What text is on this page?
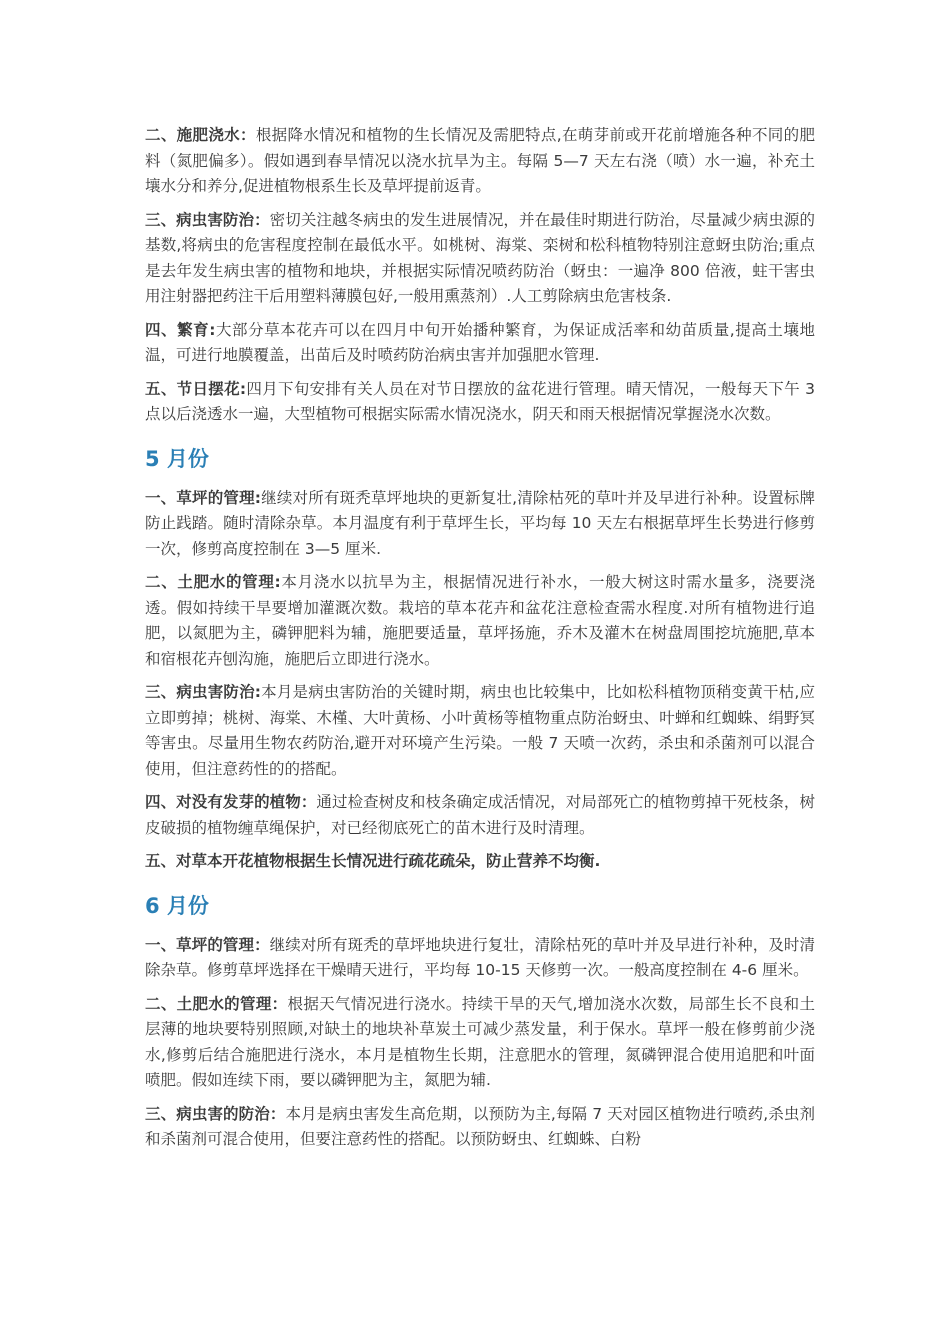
二、施肥浇水：根据降水情况和植物的生长情况及需肥特点,在萌芽前或开花前增施各种不同的肥料（氮肥偏多）。假如遇到春旱情况以浇水抗旱为主。每隔 5—7 天左右浇（喷）水一遍，补充土壤水分和养分,促进植物根系生长及草坪提前返青。

三、病虫害防治：密切关注越冬病虫的发生进展情况，并在最佳时期进行防治，尽量减少病虫源的基数,将病虫的危害程度控制在最低水平。如桃树、海棠、栾树和松科植物特别注意蚜虫防治;重点是去年发生病虫害的植物和地块，并根据实际情况喷药防治（蚜虫：一遍净 800 倍液，蛀干害虫用注射器把药注干后用塑料薄膜包好,一般用熏蒸剂）.人工剪除病虫危害枝条.

四、繁育:大部分草本花卉可以在四月中旬开始播种繁育，为保证成活率和幼苗质量,提高土壤地温，可进行地膜覆盖，出苗后及时喷药防治病虫害并加强肥水管理.

五、节日摆花:四月下旬安排有关人员在对节日摆放的盆花进行管理。晴天情况，一般每天下午 3 点以后浇透水一遍，大型植物可根据实际需水情况浇水，阴天和雨天根据情况掌握浇水次数。

5 月份

一、草坪的管理:继续对所有斑秃草坪地块的更新复壮,清除枯死的草叶并及早进行补种。设置标牌防止践踏。随时清除杂草。本月温度有利于草坪生长，平均每 10 天左右根据草坪生长势进行修剪一次，修剪高度控制在 3—5 厘米.

二、土肥水的管理:本月浇水以抗旱为主，根据情况进行补水，一般大树这时需水量多，浇要浇透。假如持续干旱要增加灌溉次数。栽培的草本花卉和盆花注意检查需水程度.对所有植物进行追肥，以氮肥为主，磷钾肥料为辅，施肥要适量，草坪扬施，乔木及灌木在树盘周围挖坑施肥,草本和宿根花卉刨沟施，施肥后立即进行浇水。

三、病虫害防治:本月是病虫害防治的关键时期，病虫也比较集中，比如松科植物顶稍变黄干枯,应立即剪掉；桃树、海棠、木槿、大叶黄杨、小叶黄杨等植物重点防治蚜虫、叶蝉和红蜘蛛、绢野冥等害虫。尽量用生物农药防治,避开对环境产生污染。一般 7 天喷一次药，杀虫和杀菌剂可以混合使用，但注意药性的的搭配。

四、对没有发芽的植物：通过检查树皮和枝条确定成活情况，对局部死亡的植物剪掉干死枝条，树皮破损的植物缠草绳保护，对已经彻底死亡的苗木进行及时清理。

五、对草本开花植物根据生长情况进行疏花疏朵，防止营养不均衡.

6 月份

一、草坪的管理：继续对所有斑秃的草坪地块进行复壮，清除枯死的草叶并及早进行补种，及时清除杂草。修剪草坪选择在干燥晴天进行，平均每 10-15 天修剪一次。一般高度控制在 4-6 厘米。

二、土肥水的管理：根据天气情况进行浇水。持续干旱的天气,增加浇水次数，局部生长不良和土层薄的地块要特别照顾,对缺土的地块补草炭土可减少蒸发量，利于保水。草坪一般在修剪前少浇水,修剪后结合施肥进行浇水，本月是植物生长期，注意肥水的管理，氮磷钾混合使用追肥和叶面喷肥。假如连续下雨，要以磷钾肥为主，氮肥为辅.

三、病虫害的防治：本月是病虫害发生高危期，以预防为主,每隔 7 天对园区植物进行喷药,杀虫剂和杀菌剂可混合使用，但要注意药性的搭配。以预防蚜虫、红蜘蛛、白粉
